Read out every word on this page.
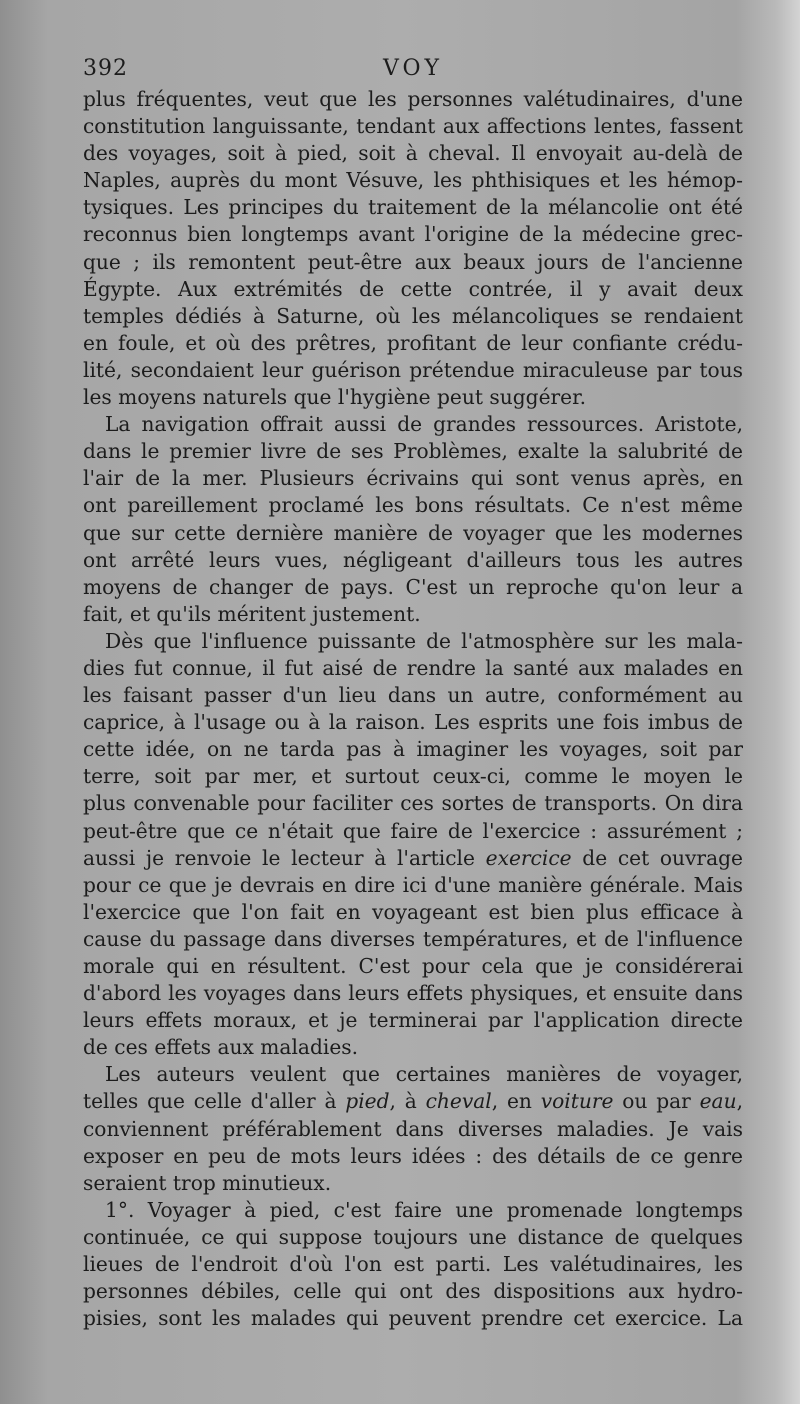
392	VOY
plus fréquentes, veut que les personnes valétudinaires, d'une
constitution languissante, tendant aux affections lentes, fassent
des voyages, soit à pied, soit à cheval. Il envoyait au-delà de
Naples, auprès du mont Vésuve, les phthisiques et les hémop-
tysiques. Les principes du traitement de la mélancolie ont été
reconnus bien longtemps avant l'origine de la médecine grec-
que ; ils remontent peut-être aux beaux jours de l'ancienne
Égypte. Aux extrémités de cette contrée, il y avait deux
temples dédiés à Saturne, où les mélancoliques se rendaient
en foule, et où des prêtres, profitant de leur confiante crédu-
lité, secondaient leur guérison prétendue miraculeuse par tous
les moyens naturels que l'hygiène peut suggérer.
La navigation offrait aussi de grandes ressources. Aristote,
dans le premier livre de ses Problèmes, exalte la salubrité de
l'air de la mer. Plusieurs écrivains qui sont venus après, en
ont pareillement proclamé les bons résultats. Ce n'est même
que sur cette dernière manière de voyager que les modernes
ont arrêté leurs vues, négligeant d'ailleurs tous les autres
moyens de changer de pays. C'est un reproche qu'on leur a
fait, et qu'ils méritent justement.
Dès que l'influence puissante de l'atmosphère sur les mala-
dies fut connue, il fut aisé de rendre la santé aux malades en
les faisant passer d'un lieu dans un autre, conformément au
caprice, à l'usage ou à la raison. Les esprits une fois imbus de
cette idée, on ne tarda pas à imaginer les voyages, soit par
terre, soit par mer, et surtout ceux-ci, comme le moyen le
plus convenable pour faciliter ces sortes de transports. On dira
peut-être que ce n'était que faire de l'exercice : assurément ;
aussi je renvoie le lecteur à l'article exercice de cet ouvrage
pour ce que je devrais en dire ici d'une manière générale. Mais
l'exercice que l'on fait en voyageant est bien plus efficace à
cause du passage dans diverses températures, et de l'influence
morale qui en résultent. C'est pour cela que je considérerai
d'abord les voyages dans leurs effets physiques, et ensuite dans
leurs effets moraux, et je terminerai par l'application directe
de ces effets aux maladies.
Les auteurs veulent que certaines manières de voyager,
telles que celle d'aller à pied, à cheval, en voiture ou par eau,
conviennent préférablement dans diverses maladies. Je vais
exposer en peu de mots leurs idées : des détails de ce genre
seraient trop minutieux.
1°. Voyager à pied, c'est faire une promenade longtemps
continuée, ce qui suppose toujours une distance de quelques
lieues de l'endroit d'où l'on est parti. Les valétudinaires, les
personnes débiles, celle qui ont des dispositions aux hydro-
pisies, sont les malades qui peuvent prendre cet exercice. La
